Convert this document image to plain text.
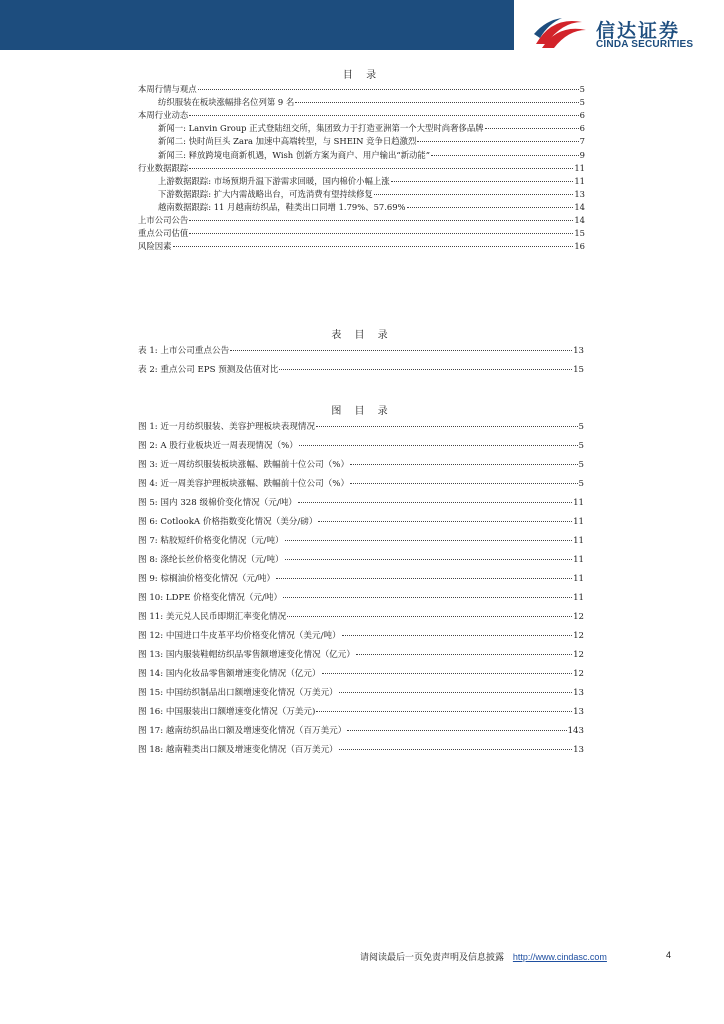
信达证券
CINDA SECURITIES
目 录
本周行情与观点	5
纺织服装在板块涨幅排名位列第 9 名	5
本周行业动态	6
新闻一: Lanvin Group 正式登陆纽交所，集团致力于打造亚洲第一个大型时尚奢侈品牌	6
新闻二: 快时尚巨头 Zara 加速中高端转型，与 SHEIN 竞争日趋激烈	7
新闻三: 释放跨境电商新机遇，Wish 创新方案为商户、用户输出“新动能”	9
行业数据跟踪	11
上游数据跟踪: 市场预期升温下游需求回暖，国内棉价小幅上涨	11
下游数据跟踪: 扩大内需战略出台，可选消费有望持续修复	13
越南数据跟踪: 11 月越南纺织品，鞋类出口同增 1.79%、57.69%	14
上市公司公告	14
重点公司估值	15
风险因素	16
表 目 录
表 1: 上市公司重点公告	13
表 2: 重点公司 EPS 预测及估值对比	15
图 目 录
图 1: 近一月纺织服装、美容护理板块表现情况	5
图 2: A 股行业板块近一周表现情况（%）	5
图 3: 近一周纺织服装板块涨幅、跌幅前十位公司（%）	5
图 4: 近一周美容护理板块涨幅、跌幅前十位公司（%）	5
图 5: 国内 328 级棉价变化情况（元/吨）	11
图 6: CotlookA 价格指数变化情况（美分/磅）	11
图 7: 粘胶短纤价格变化情况（元/吨）	11
图 8: 涤纶长丝价格变化情况（元/吨）	11
图 9: 棕榈油价格变化情况（元/吨）	11
图 10: LDPE 价格变化情况（元/吨）	11
图 11: 美元兑人民币即期汇率变化情况	12
图 12: 中国进口牛皮革平均价格变化情况（美元/吨）	12
图 13: 国内服装鞋帽纺织品零售额增速变化情况（亿元）	12
图 14: 国内化妆品零售额增速变化情况（亿元）	12
图 15: 中国纺织制品出口额增速变化情况（万美元）	13
图 16: 中国服装出口额增速变化情况（万美元)	13
图 17: 越南纺织品出口额及增速变化情况（百万美元）	143
图 18: 越南鞋类出口额及增速变化情况（百万美元）	13
请阅读最后一页免责声明及信息披露 http://www.cindasc.com	4
